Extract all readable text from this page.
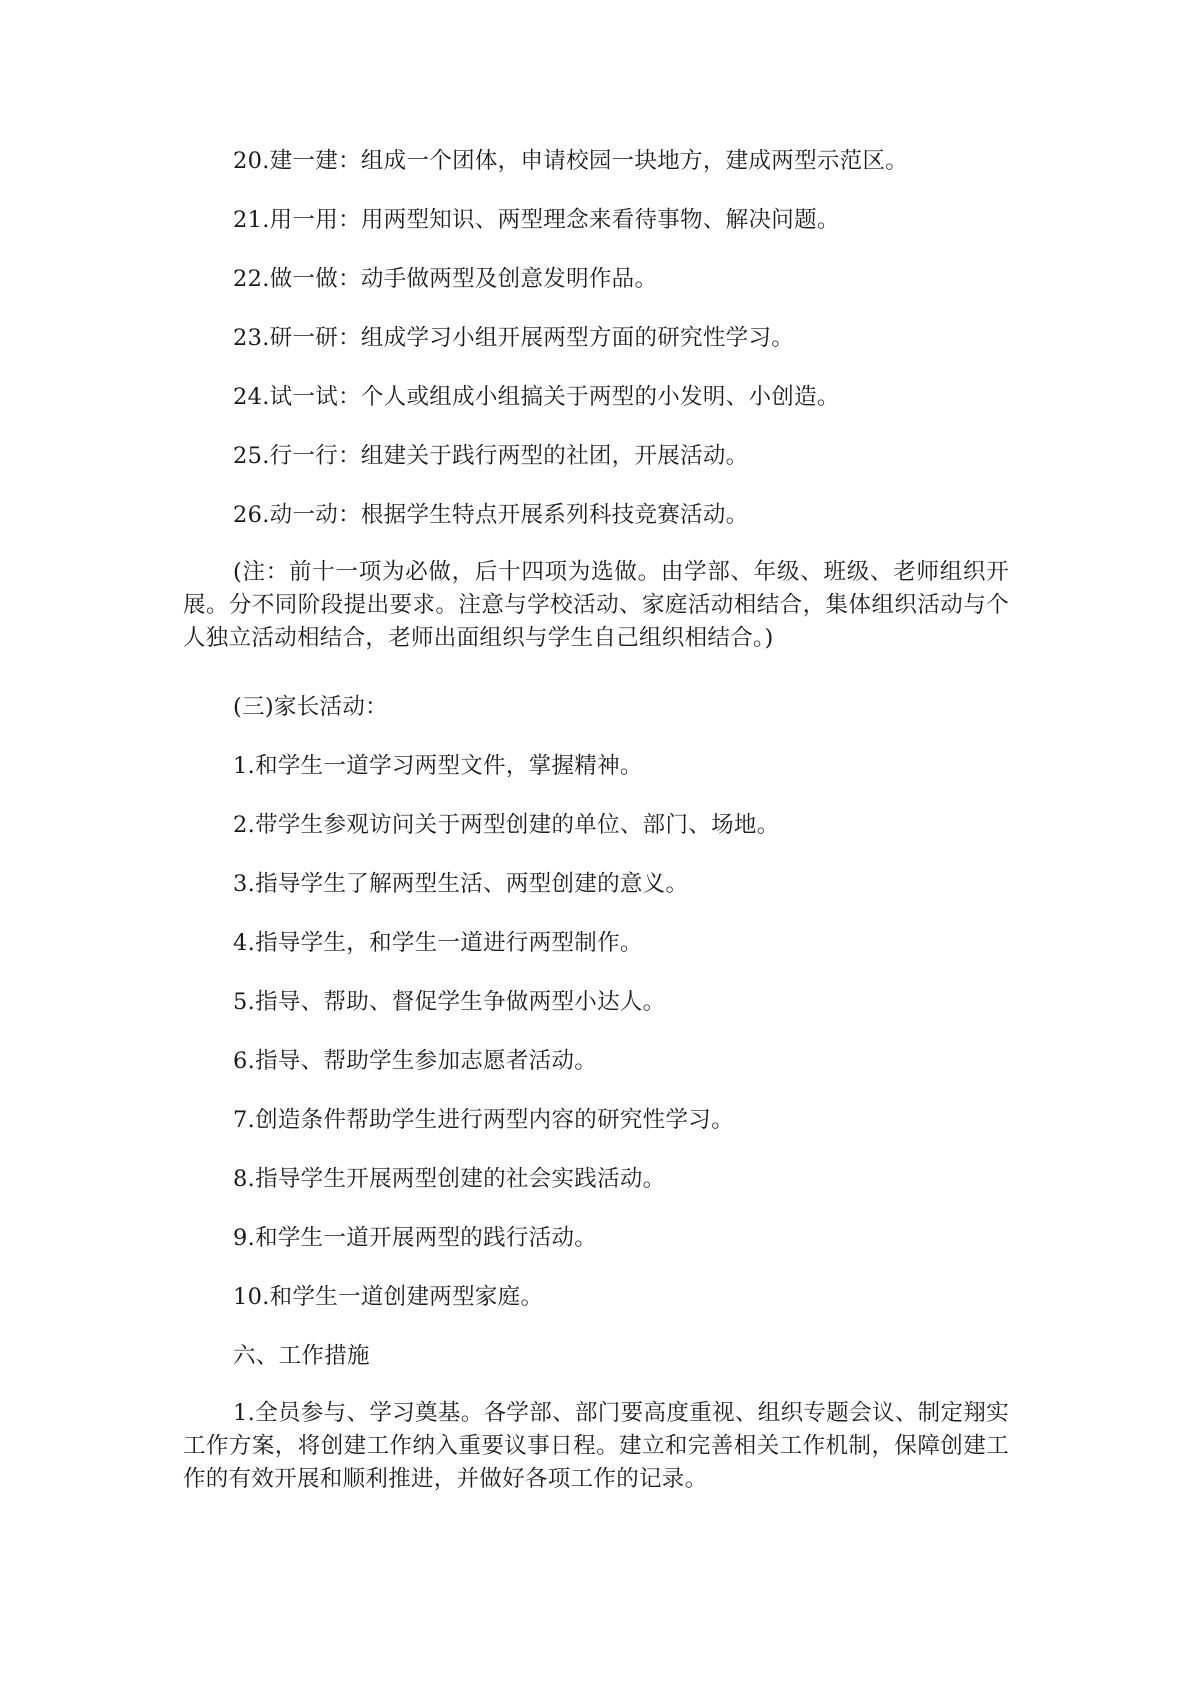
20.建一建：组成一个团体，申请校园一块地方，建成两型示范区。
21.用一用：用两型知识、两型理念来看待事物、解决问题。
22.做一做：动手做两型及创意发明作品。
23.研一研：组成学习小组开展两型方面的研究性学习。
24.试一试：个人或组成小组搞关于两型的小发明、小创造。
25.行一行：组建关于践行两型的社团，开展活动。
26.动一动：根据学生特点开展系列科技竞赛活动。
(注：前十一项为必做，后十四项为选做。由学部、年级、班级、老师组织开展。分不同阶段提出要求。注意与学校活动、家庭活动相结合，集体组织活动与个人独立活动相结合，老师出面组织与学生自己组织相结合。)
(三)家长活动：
1.和学生一道学习两型文件，掌握精神。
2.带学生参观访问关于两型创建的单位、部门、场地。
3.指导学生了解两型生活、两型创建的意义。
4.指导学生，和学生一道进行两型制作。
5.指导、帮助、督促学生争做两型小达人。
6.指导、帮助学生参加志愿者活动。
7.创造条件帮助学生进行两型内容的研究性学习。
8.指导学生开展两型创建的社会实践活动。
9.和学生一道开展两型的践行活动。
10.和学生一道创建两型家庭。
六、工作措施
1.全员参与、学习奠基。各学部、部门要高度重视、组织专题会议、制定翔实工作方案，将创建工作纳入重要议事日程。建立和完善相关工作机制，保障创建工作的有效开展和顺利推进，并做好各项工作的记录。
